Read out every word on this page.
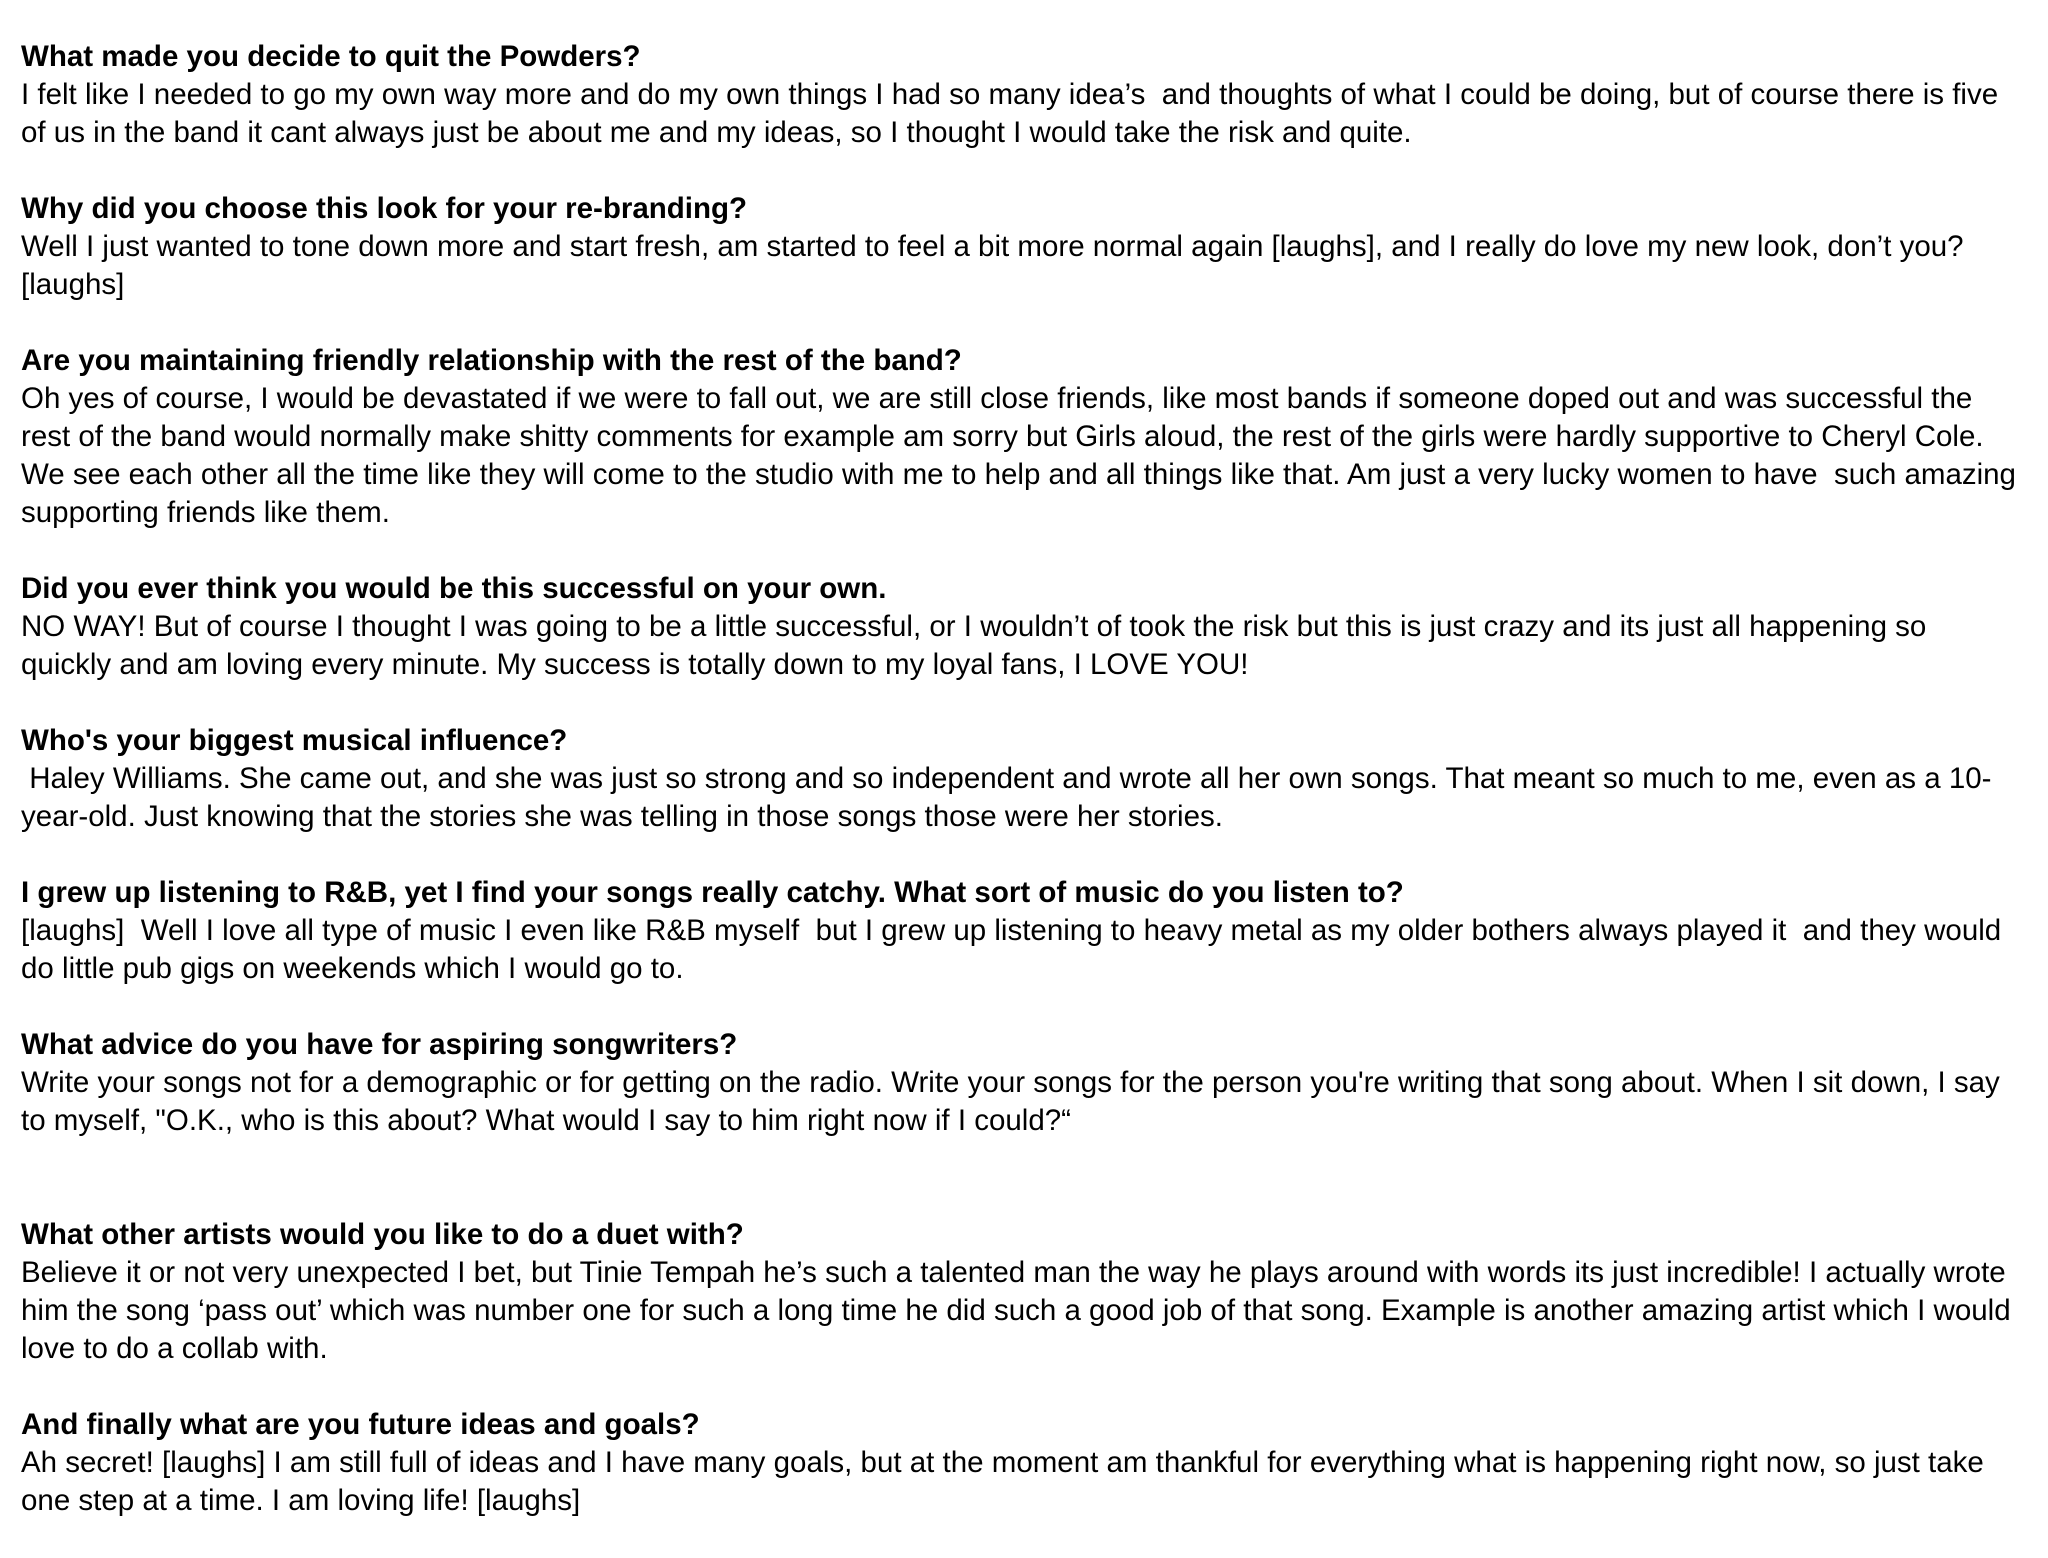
What made you decide to quit the Powders?

I felt like I needed to go my own way more and do my own things I had so many idea’s  and thoughts of what I could be doing, but of course there is five of us in the band it cant always just be about me and my ideas, so I thought I would take the risk and quite.

Why did you choose this look for your re-branding?

Well I just wanted to tone down more and start fresh, am started to feel a bit more normal again [laughs], and I really do love my new look, don’t you? [laughs]

Are you maintaining friendly relationship with the rest of the band?

Oh yes of course, I would be devastated if we were to fall out, we are still close friends, like most bands if someone doped out and was successful the rest of the band would normally make shitty comments for example am sorry but Girls aloud, the rest of the girls were hardly supportive to Cheryl Cole. We see each other all the time like they will come to the studio with me to help and all things like that. Am just a very lucky women to have  such amazing supporting friends like them.

Did you ever think you would be this successful on your own.

NO WAY! But of course I thought I was going to be a little successful, or I wouldn’t of took the risk but this is just crazy and its just all happening so quickly and am loving every minute. My success is totally down to my loyal fans, I LOVE YOU!

Who's your biggest musical influence?

Haley Williams. She came out, and she was just so strong and so independent and wrote all her own songs. That meant so much to me, even as a 10-year-old. Just knowing that the stories she was telling in those songs those were her stories.

I grew up listening to R&B, yet I find your songs really catchy. What sort of music do you listen to?

[laughs]  Well I love all type of music I even like R&B myself  but I grew up listening to heavy metal as my older bothers always played it  and they would do little pub gigs on weekends which I would go to.

What advice do you have for aspiring songwriters?

Write your songs not for a demographic or for getting on the radio. Write your songs for the person you're writing that song about. When I sit down, I say to myself, "O.K., who is this about? What would I say to him right now if I could?“

What other artists would you like to do a duet with?

Believe it or not very unexpected I bet, but Tinie Tempah he’s such a talented man the way he plays around with words its just incredible! I actually wrote him the song ‘pass out’ which was number one for such a long time he did such a good job of that song. Example is another amazing artist which I would love to do a collab with.

And finally what are you future ideas and goals?

Ah secret! [laughs] I am still full of ideas and I have many goals, but at the moment am thankful for everything what is happening right now, so just take one step at a time. I am loving life! [laughs]
